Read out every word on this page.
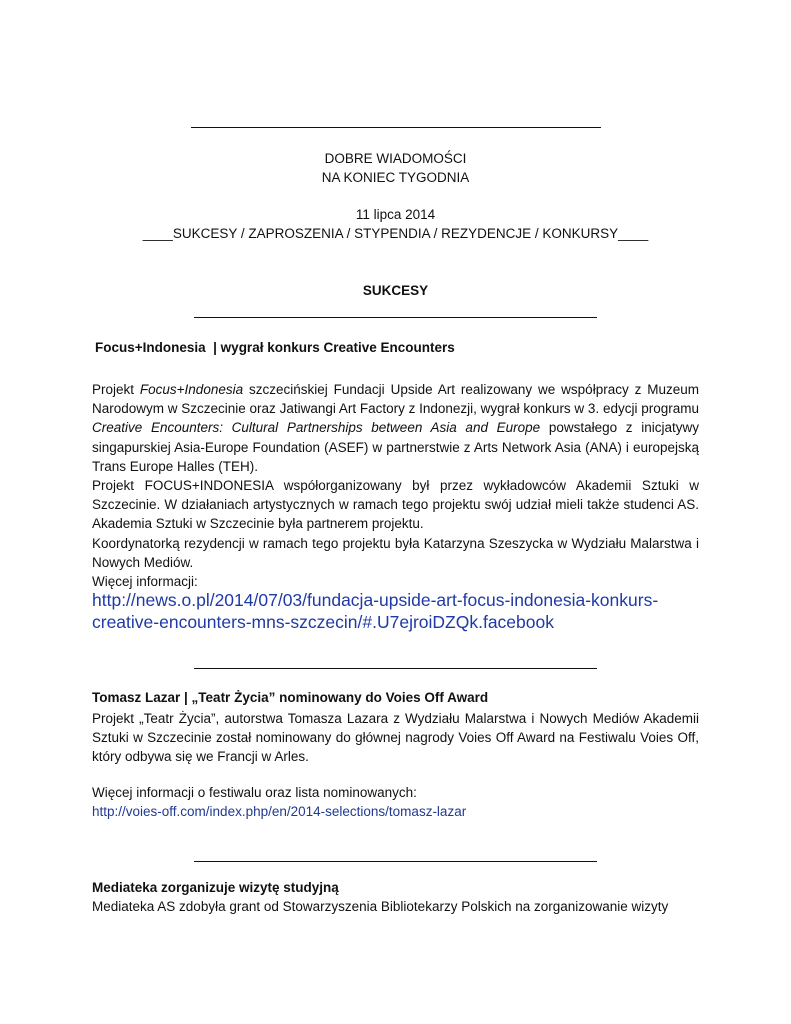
DOBRE WIADOMOŚCI
NA KONIEC TYGODNIA
11 lipca 2014
____SUKCESY / ZAPROSZENIA / STYPENDIA / REZYDENCJE / KONKURSY____
SUKCESY
Focus+Indonesia  | wygrał konkurs Creative Encounters

Projekt Focus+Indonesia szczecińskiej Fundacji Upside Art realizowany we współpracy z Muzeum Narodowym w Szczecinie oraz Jatiwangi Art Factory z Indonezji, wygrał konkurs w 3. edycji programu Creative Encounters: Cultural Partnerships between Asia and Europe powstałego z inicjatywy singapurskiej Asia-Europe Foundation (ASEF) w partnerstwie z Arts Network Asia (ANA) i europejską Trans Europe Halles (TEH).

Projekt FOCUS+INDONESIA współorganizowany był przez wykładowców Akademii Sztuki w Szczecinie. W działaniach artystycznych w ramach tego projektu swój udział mieli także studenci AS. Akademia Sztuki w Szczecinie była partnerem projektu.

Koordynatorką rezydencji w ramach tego projektu była Katarzyna Szeszycka w Wydziału Malarstwa i Nowych Mediów.

Więcej informacji:

http://news.o.pl/2014/07/03/fundacja-upside-art-focus-indonesia-konkurs-
creative-encounters-mns-szczecin/#.U7ejroiDZQk.facebook
Tomasz Lazar | „Teatr Życia” nominowany do Voies Off Award

Projekt „Teatr Życia”, autorstwa Tomasza Lazara z Wydziału Malarstwa i Nowych Mediów Akademii Sztuki w Szczecinie został nominowany do głównej nagrody Voies Off Award na Festiwalu Voies Off, który odbywa się we Francji w Arles.

Więcej informacji o festiwalu oraz lista nominowanych:
http://voies-off.com/index.php/en/2014-selections/tomasz-lazar
Mediateka zorganizuje wizytę studyjną
Mediateka AS zdobyła grant od Stowarzyszenia Bibliotekarzy Polskich na zorganizowanie wizyty
